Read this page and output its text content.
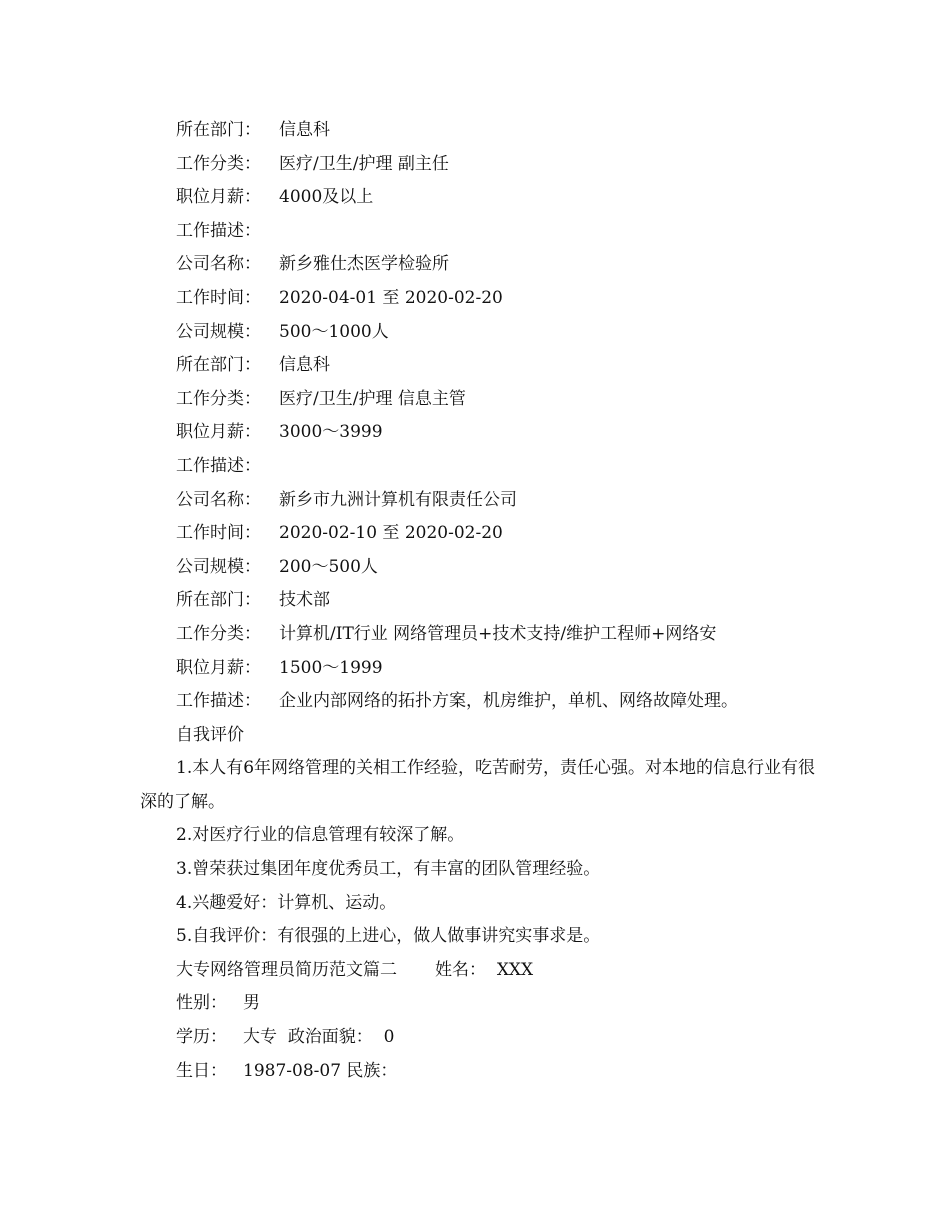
所在部门： 信息科
工作分类： 医疗/卫生/护理 副主任
职位月薪： 4000及以上
工作描述：
公司名称： 新乡雅仕杰医学检验所
工作时间： 2020-04-01 至 2020-02-20
公司规模： 500～1000人
所在部门： 信息科
工作分类： 医疗/卫生/护理 信息主管
职位月薪： 3000～3999
工作描述：
公司名称： 新乡市九洲计算机有限责任公司
工作时间： 2020-02-10 至 2020-02-20
公司规模： 200～500人
所在部门： 技术部
工作分类： 计算机/IT行业 网络管理员+技术支持/维护工程师+网络安
职位月薪： 1500～1999
工作描述： 企业内部网络的拓扑方案，机房维护，单机、网络故障处理。
自我评价
1.本人有6年网络管理的关相工作经验，吃苦耐劳，责任心强。对本地的信息行业有很深的了解。
2.对医疗行业的信息管理有较深了解。
3.曾荣获过集团年度优秀员工，有丰富的团队管理经验。
4.兴趣爱好：计算机、运动。
5.自我评价：有很强的上进心，做人做事讲究实事求是。
大专网络管理员简历范文篇二 姓名： XXX
性别： 男
学历： 大专 政治面貌： 0
生日： 1987-08-07 民族：
